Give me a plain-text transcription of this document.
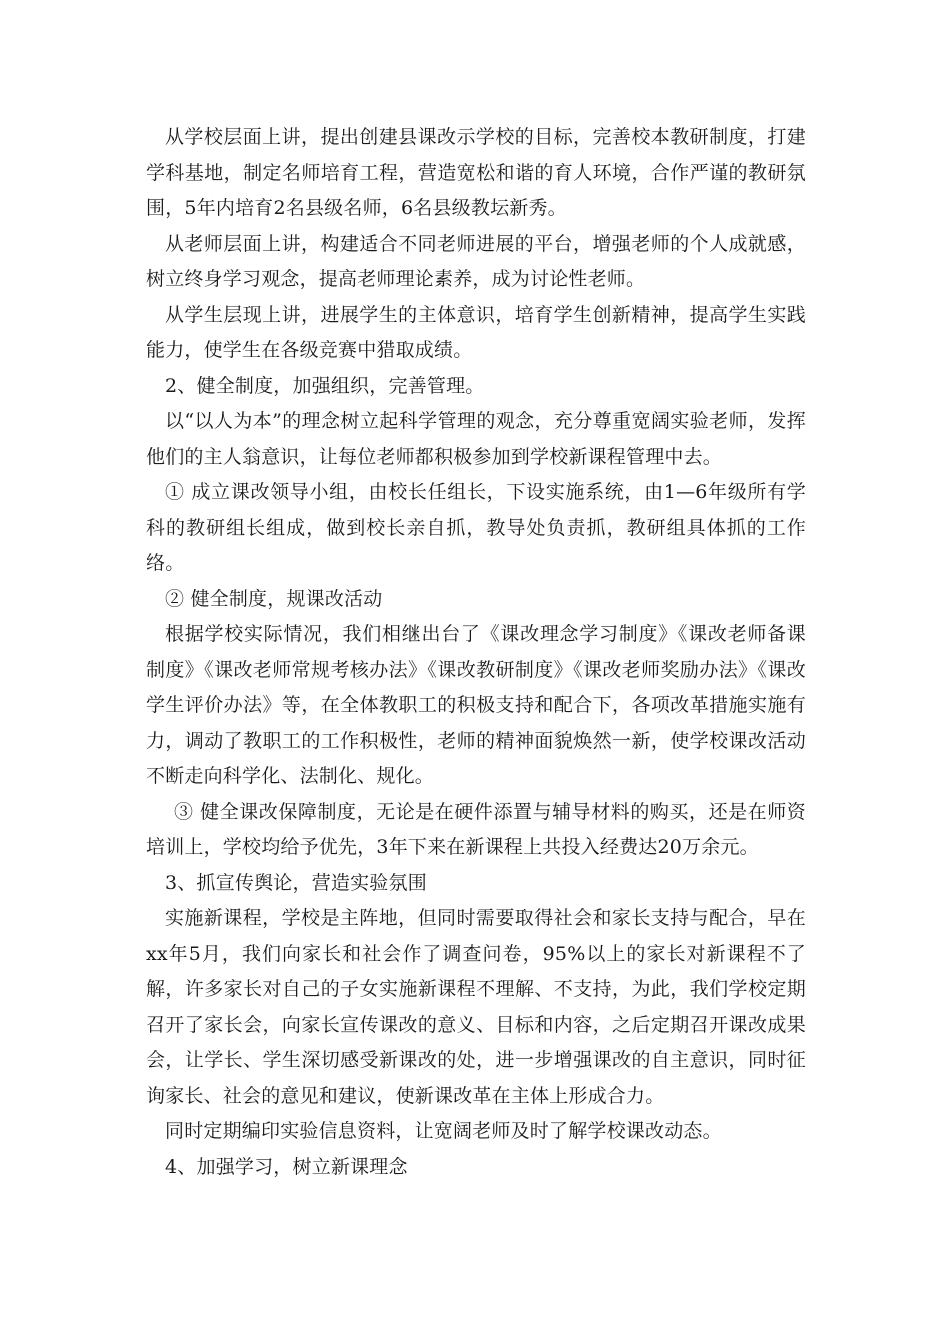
从学校层面上讲，提出创建县课改示学校的目标，完善校本教研制度，打建学科基地，制定名师培育工程，营造宽松和谐的育人环境，合作严谨的教研氛围，5年内培育2名县级名师，6名县级教坛新秀。

从老师层面上讲，构建适合不同老师进展的平台，增强老师的个人成就感，树立终身学习观念，提高老师理论素养，成为讨论性老师。

从学生层现上讲，进展学生的主体意识，培育学生创新精神，提高学生实践能力，使学生在各级竞赛中猎取成绩。

2、健全制度，加强组织，完善管理。

以“以人为本”的理念树立起科学管理的观念，充分尊重宽阔实验老师，发挥他们的主人翁意识，让每位老师都积极参加到学校新课程管理中去。

① 成立课改领导小组，由校长任组长，下设实施系统，由1—6年级所有学科的教研组长组成，做到校长亲自抓，教导处负责抓，教研组具体抓的工作络。

② 健全制度，规课改活动

根据学校实际情况，我们相继出台了《课改理念学习制度》《课改老师备课制度》《课改老师常规考核办法》《课改教研制度》《课改老师奖励办法》《课改学生评价办法》等，在全体教职工的积极支持和配合下，各项改革措施实施有力，调动了教职工的工作积极性，老师的精神面貌焕然一新，使学校课改活动不断走向科学化、法制化、规化。

③ 健全课改保障制度，无论是在硬件添置与辅导材料的购买，还是在师资培训上，学校均给予优先，3年下来在新课程上共投入经费达20万余元。

3、抓宣传舆论，营造实验氛围

实施新课程，学校是主阵地，但同时需要取得社会和家长支持与配合，早在xx年5月，我们向家长和社会作了调查问卷，95%以上的家长对新课程不了解，许多家长对自己的子女实施新课程不理解、不支持，为此，我们学校定期召开了家长会，向家长宣传课改的意义、目标和内容，之后定期召开课改成果会，让学长、学生深切感受新课改的处，进一步增强课改的自主意识，同时征询家长、社会的意见和建议，使新课改革在主体上形成合力。

同时定期编印实验信息资料，让宽阔老师及时了解学校课改动态。

4、加强学习，树立新课理念
